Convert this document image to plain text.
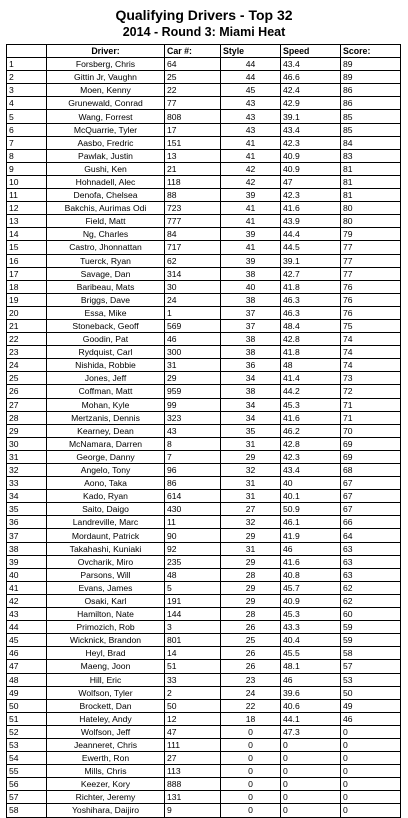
Qualifying Drivers - Top 32
2014 - Round 3: Miami Heat
	Driver:	Car #:	Style	Speed	Score:
1	Forsberg, Chris	64	44	43.4	89
2	Gittin Jr, Vaughn	25	44	46.6	89
3	Moen, Kenny	22	45	42.4	86
4	Grunewald, Conrad	77	43	42.9	86
5	Wang, Forrest	808	43	39.1	85
6	McQuarrie, Tyler	17	43	43.4	85
7	Aasbo, Fredric	151	41	42.3	84
8	Pawlak, Justin	13	41	40.9	83
9	Gushi, Ken	21	42	40.9	81
10	Hohnadell, Alec	118	42	47	81
11	Denofa, Chelsea	88	39	42.3	81
12	Bakchis, Aurimas Odi	723	41	41.6	80
13	Field, Matt	777	41	43.9	80
14	Ng, Charles	84	39	44.4	79
15	Castro, Jhonnattan	717	41	44.5	77
16	Tuerck, Ryan	62	39	39.1	77
17	Savage, Dan	314	38	42.7	77
18	Baribeau, Mats	30	40	41.8	76
19	Briggs, Dave	24	38	46.3	76
20	Essa, Mike	1	37	46.3	76
21	Stoneback, Geoff	569	37	48.4	75
22	Goodin, Pat	46	38	42.8	74
23	Rydquist, Carl	300	38	41.8	74
24	Nishida, Robbie	31	36	48	74
25	Jones, Jeff	29	34	41.4	73
26	Coffman, Matt	959	38	44.2	72
27	Mohan, Kyle	99	34	45.3	71
28	Mertzanis, Dennis	323	34	41.6	71
29	Kearney, Dean	43	35	46.2	70
30	McNamara, Darren	8	31	42.8	69
31	George, Danny	7	29	42.3	69
32	Angelo, Tony	96	32	43.4	68
33	Aono, Taka	86	31	40	67
34	Kado, Ryan	614	31	40.1	67
35	Saito, Daigo	430	27	50.9	67
36	Landreville, Marc	11	32	46.1	66
37	Mordaunt, Patrick	90	29	41.9	64
38	Takahashi, Kuniaki	92	31	46	63
39	Ovcharik, Miro	235	29	41.6	63
40	Parsons, Will	48	28	40.8	63
41	Evans, James	5	29	45.7	62
42	Osaki, Karl	191	29	40.9	62
43	Hamilton, Nate	144	28	45.3	60
44	Primozich, Rob	3	26	43.3	59
45	Wicknick, Brandon	801	25	40.4	59
46	Heyl, Brad	14	26	45.5	58
47	Maeng, Joon	51	26	48.1	57
48	Hill, Eric	33	23	46	53
49	Wolfson, Tyler	2	24	39.6	50
50	Brockett, Dan	50	22	40.6	49
51	Hateley, Andy	12	18	44.1	46
52	Wolfson, Jeff	47	0	47.3	0
53	Jeanneret, Chris	111	0	0	0
54	Ewerth, Ron	27	0	0	0
55	Mills, Chris	113	0	0	0
56	Keezer, Kory	888	0	0	0
57	Richter, Jeremy	131	0	0	0
58	Yoshihara, Daijiro	9	0	0	0
